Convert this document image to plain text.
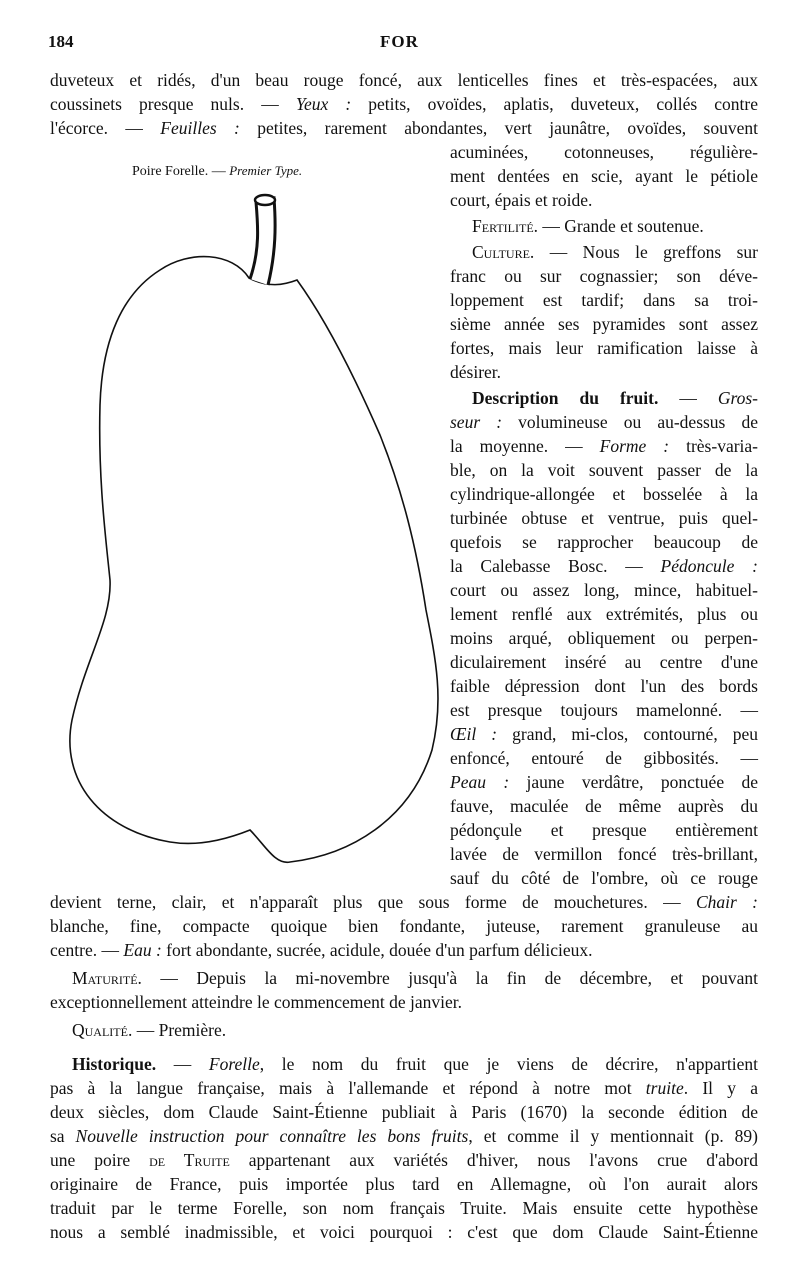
184	FOR
duveteux et ridés, d'un beau rouge foncé, aux lenticelles fines et très-espacées, aux
coussinets presque nuls. — Yeux : petits, ovoïdes, aplatis, duveteux, collés contre
l'écorce. — Feuilles : petites, rarement abondantes, vert jaunâtre, ovoïdes, souvent
Poire Forelle. — Premier Type.
acuminées, cotonneuses, régulière-
ment dentées en scie, ayant le pétiole
court, épais et roide.
Fertilité. — Grande et soutenue.
Culture. — Nous le greffons sur
franc ou sur cognassier; son déve-
loppement est tardif; dans sa troi-
sième année ses pyramides sont assez
fortes, mais leur ramification laisse à
désirer.
Description du fruit. — Gros-
seur : volumineuse ou au-dessus de
la moyenne. — Forme : très-varia-
ble, on la voit souvent passer de la
cylindrique-allongée et bosselée à la
turbinée obtuse et ventrue, puis quel-
quefois se rapprocher beaucoup de
la Calebasse Bosc. — Pédoncule :
court ou assez long, mince, habituel-
lement renflé aux extrémités, plus ou
moins arqué, obliquement ou perpen-
diculairement inséré au centre d'une
faible dépression dont l'un des bords
est presque toujours mamelonné. —
Œil : grand, mi-clos, contourné, peu
enfoncé, entouré de gibbosités. —
Peau : jaune verdâtre, ponctuée de
fauve, maculée de même auprès du
pédonçule et presque entièrement
lavée de vermillon foncé très-brillant,
sauf du côté de l'ombre, où ce rouge
devient terne, clair, et n'apparaît plus que sous forme de mouchetures. — Chair :
blanche, fine, compacte quoique bien fondante, juteuse, rarement granuleuse au
centre. — Eau : fort abondante, sucrée, acidule, douée d'un parfum délicieux.
Maturité. — Depuis la mi-novembre jusqu'à la fin de décembre, et pouvant
exceptionnellement atteindre le commencement de janvier.
Qualité. — Première.
Historique. — Forelle, le nom du fruit que je viens de décrire, n'appartient
pas à la langue française, mais à l'allemande et répond à notre mot truite. Il y a
deux siècles, dom Claude Saint-Étienne publiait à Paris (1670) la seconde édition de
sa Nouvelle instruction pour connaître les bons fruits, et comme il y mentionnait (p. 89)
une poire de Truite appartenant aux variétés d'hiver, nous l'avons crue d'abord
originaire de France, puis importée plus tard en Allemagne, où l'on aurait alors
traduit par le terme Forelle, son nom français Truite. Mais ensuite cette hypothèse
nous a semblé inadmissible, et voici pourquoi : c'est que dom Claude Saint-Étienne
